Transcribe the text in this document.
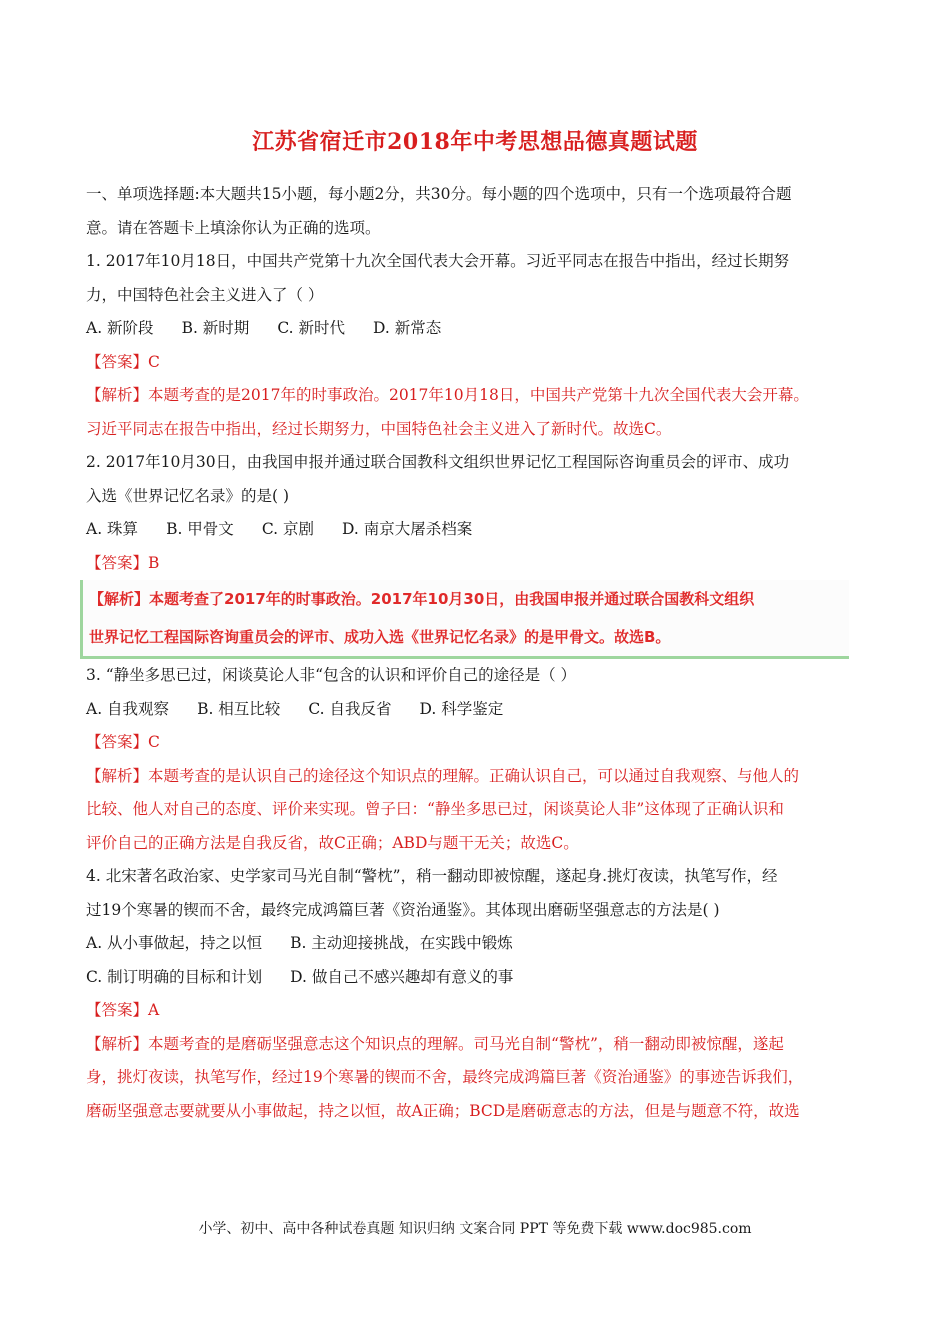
江苏省宿迁市2018年中考思想品德真题试题
一、单项选择题:本大题共15小题，每小题2分，共30分。每小题的四个选项中，只有一个选项最符合题
意。请在答题卡上填涂你认为正确的选项。
1. 2017年10月18日，中国共产党第十九次全国代表大会开幕。习近平同志在报告中指出，经过长期努
力，中国特色社会主义进入了（ ）
A. 新阶段 B. 新时期 C. 新时代 D. 新常态
【答案】C
【解析】本题考查的是2017年的时事政治。2017年10月18日，中国共产党第十九次全国代表大会开幕。
习近平同志在报告中指出，经过长期努力，中国特色社会主义进入了新时代。故选C。
2. 2017年10月30日，由我国申报并通过联合国教科文组织世界记忆工程国际咨询重员会的评市、成功
入选《世界记忆名录》的是( )
A. 珠算 B. 甲骨文 C. 京剧 D. 南京大屠杀档案
【答案】B
【解析】本题考查了2017年的时事政治。2017年10月30日，由我国申报并通过联合国教科文组织
世界记忆工程国际咨询重员会的评市、成功入选《世界记忆名录》的是甲骨文。故选B。
3. “静坐多思已过，闲谈莫论人非“包含的认识和评价自己的途径是（ ）
A. 自我观察 B. 相互比较 C. 自我反省 D. 科学鉴定
【答案】C
【解析】本题考查的是认识自己的途径这个知识点的理解。正确认识自己，可以通过自我观察、与他人的
比较、他人对自己的态度、评价来实现。曾子曰：“静坐多思已过，闲谈莫论人非”这体现了正确认识和
评价自己的正确方法是自我反省，故C正确；ABD与题干无关；故选C。
4. 北宋著名政治家、史学家司马光自制“警枕”，稍一翻动即被惊醒，遂起身.挑灯夜读，执笔写作，经
过19个寒暑的锲而不舍，最终完成鸿篇巨著《资治通鉴》。其体现出磨砺坚强意志的方法是( )
A. 从小事做起，持之以恒 B. 主动迎接挑战，在实践中锻炼
C. 制订明确的目标和计划 D. 做自己不感兴趣却有意义的事
【答案】A
【解析】本题考查的是磨砺坚强意志这个知识点的理解。司马光自制“警枕”，稍一翻动即被惊醒，遂起
身，挑灯夜读，执笔写作，经过19个寒暑的锲而不舍，最终完成鸿篇巨著《资治通鉴》的事迹告诉我们，
磨砺坚强意志要就要从小事做起，持之以恒，故A正确；BCD是磨砺意志的方法，但是与题意不符，故选
小学、初中、高中各种试卷真题 知识归纳 文案合同 PPT 等免费下载 www.doc985.com
